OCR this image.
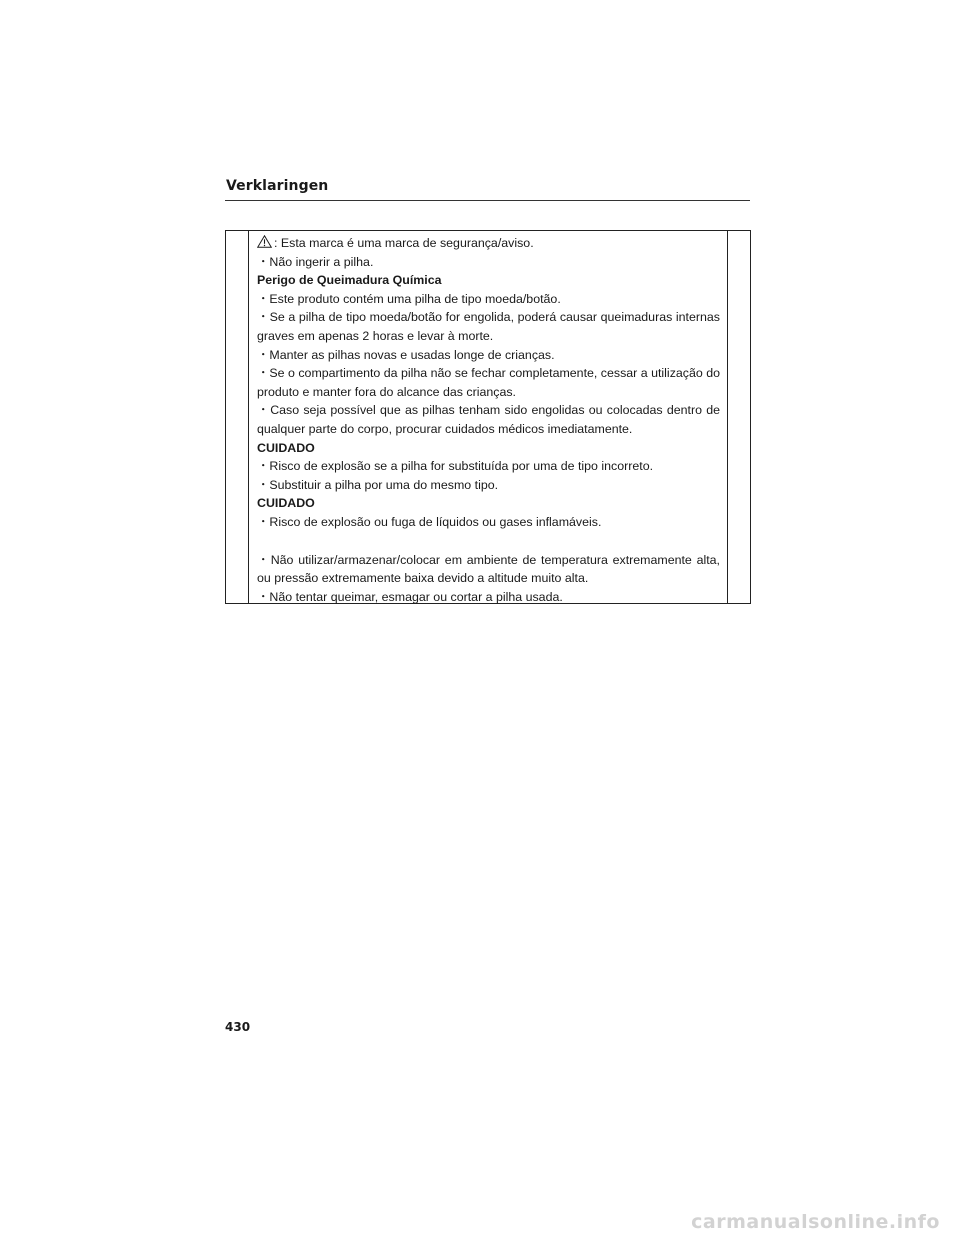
Verklaringen

: Esta marca é uma marca de segurança/aviso.

・Não ingerir a pilha.

Perigo de Queimadura Química

・Este produto contém uma pilha de tipo moeda/botão.

・Se a pilha de tipo moeda/botão for engolida, poderá causar queimaduras internas graves em apenas 2 horas e levar à morte.

・Manter as pilhas novas e usadas longe de crianças.

・Se o compartimento da pilha não se fechar completamente, cessar a utilização do produto e manter fora do alcance das crianças.

・Caso seja possível que as pilhas tenham sido engolidas ou colocadas dentro de qualquer parte do corpo, procurar cuidados médicos imediatamente.

CUIDADO

・Risco de explosão se a pilha for substituída por uma de tipo incorreto.

・Substituir a pilha por uma do mesmo tipo.

CUIDADO

・Risco de explosão ou fuga de líquidos ou gases inflamáveis.

・Não utilizar/armazenar/colocar em ambiente de temperatura extremamente alta, ou pressão extremamente baixa devido a altitude muito alta.

・Não tentar queimar, esmagar ou cortar a pilha usada.

430
carmanualsonline.info
